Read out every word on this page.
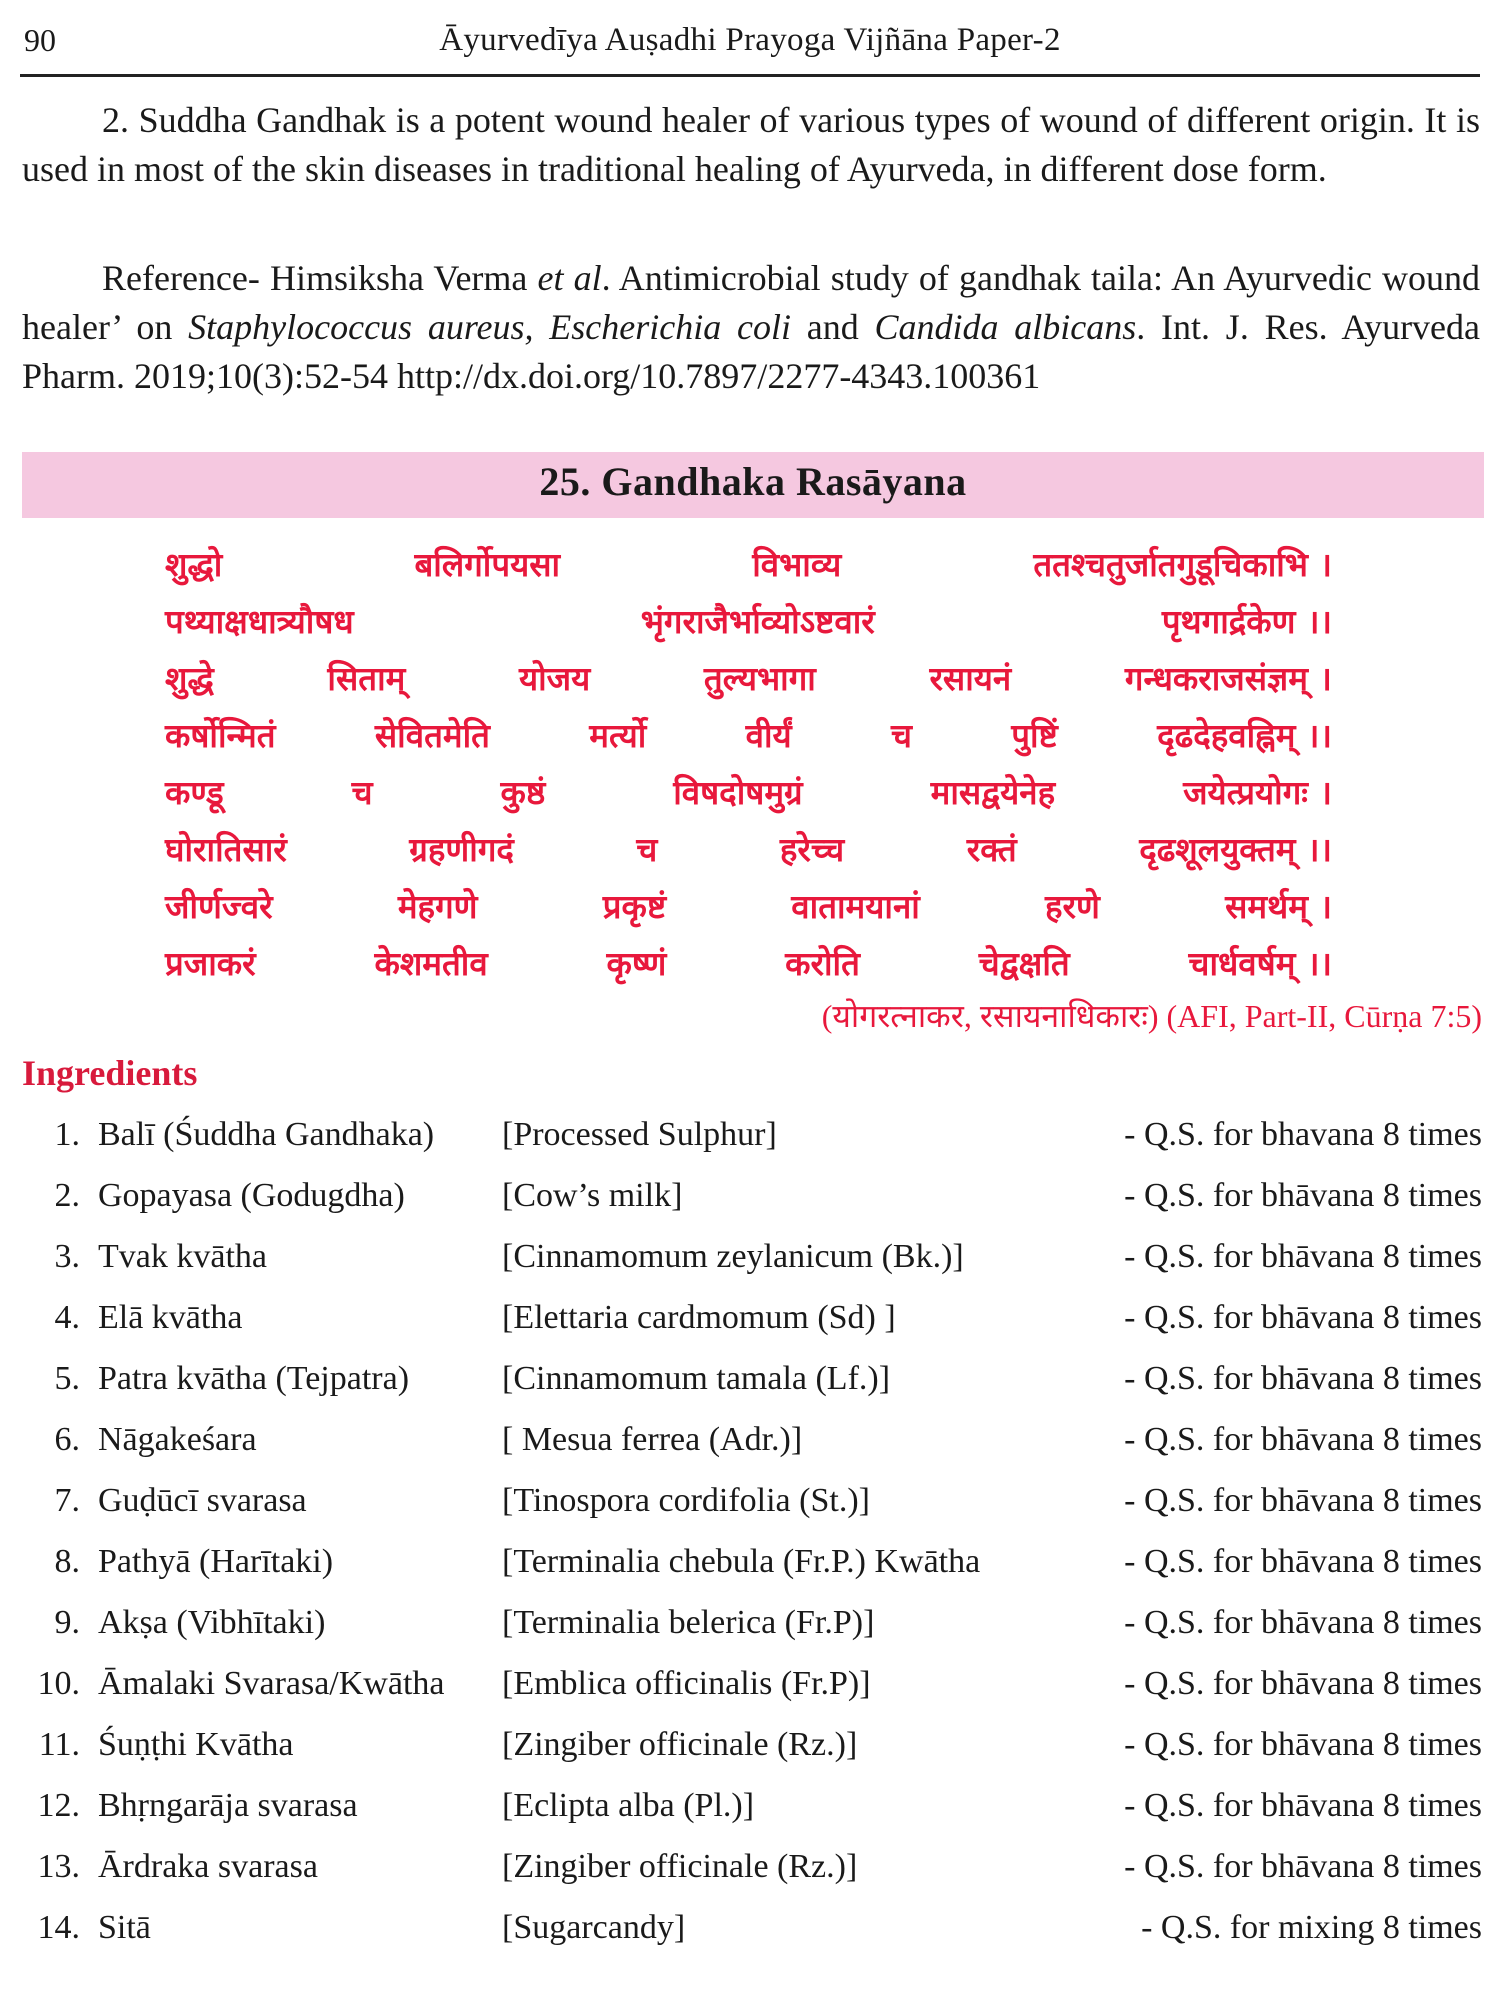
90	Āyurvedīya Auṣadhi Prayoga Vijñāna Paper-2

2. Suddha Gandhak is a potent wound healer of various types of wound of different origin. It is used in most of the skin diseases in traditional healing of Ayurveda, in different dose form.

Reference- Himsiksha Verma et al. Antimicrobial study of gandhak taila: An Ayurvedic wound healer’ on Staphylococcus aureus, Escherichia coli and Candida albicans. Int. J. Res. Ayurveda Pharm. 2019;10(3):52-54 http://dx.doi.org/10.7897/2277-4343.100361

25. Gandhaka Rasāyana
शुद्धो	बलिर्गोपयसा	विभाव्य	ततश्चतुर्जातगुडूचिकाभि ।
पथ्याक्षधात्र्यौषध	भृंगराजैर्भाव्योऽष्टवारं	पृथगार्द्रकेण ।।
शुद्धे	सिताम्	योजय	तुल्यभागा	रसायनं	गन्धकराजसंज्ञम् ।
कर्षोन्मितं	सेवितमेति	मर्त्यो	वीर्यं	च	पुष्टिं	दृढदेहवह्निम् ।।
कण्डू	च	कुष्ठं	विषदोषमुग्रं	मासद्वयेनेह	जयेत्प्रयोगः ।
घोरातिसारं	ग्रहणीगदं	च	हरेच्च	रक्तं	दृढशूलयुक्तम् ।।
जीर्णज्वरे	मेहगणे	प्रकृष्टं	वातामयानां	हरणे	समर्थम् ।
प्रजाकरं	केशमतीव	कृष्णं	करोति	चेद्वक्षति	चार्धवर्षम् ।।
(योगरत्नाकर, रसायनाधिकारः) (AFI, Part-II, Cūrṇa 7:5)
Ingredients
1. Balī (Śuddha Gandhaka) [Processed Sulphur]	- Q.S. for bhavana 8 times
2. Gopayasa (Godugdha)	[Cow’s milk]	- Q.S. for bhāvana 8 times
3. Tvak kvātha	[Cinnamomum zeylanicum (Bk.)]	- Q.S. for bhāvana 8 times
4. Elā kvātha	[Elettaria cardmomum (Sd) ]	- Q.S. for bhāvana 8 times
5. Patra kvātha (Tejpatra)	[Cinnamomum tamala (Lf.)]	- Q.S. for bhāvana 8 times
6. Nāgakeśara	[ Mesua ferrea (Adr.)]	- Q.S. for bhāvana 8 times
7. Guḍūcī svarasa	[Tinospora cordifolia (St.)]	- Q.S. for bhāvana 8 times
8. Pathyā (Harītaki)	[Terminalia chebula (Fr.P.) Kwātha	- Q.S. for bhāvana 8 times
9. Akṣa (Vibhītaki)	[Terminalia belerica (Fr.P)]	- Q.S. for bhāvana 8 times
10. Āmalaki Svarasa/Kwātha [Emblica officinalis (Fr.P)]	- Q.S. for bhāvana 8 times
11. Śuṇṭhi Kvātha	[Zingiber officinale (Rz.)]	- Q.S. for bhāvana 8 times
12. Bhṛngarāja svarasa	[Eclipta alba (Pl.)]	- Q.S. for bhāvana 8 times
13. Ārdraka svarasa	[Zingiber officinale (Rz.)]	- Q.S. for bhāvana 8 times
14. Sitā	[Sugarcandy]	- Q.S. for mixing 8 times
